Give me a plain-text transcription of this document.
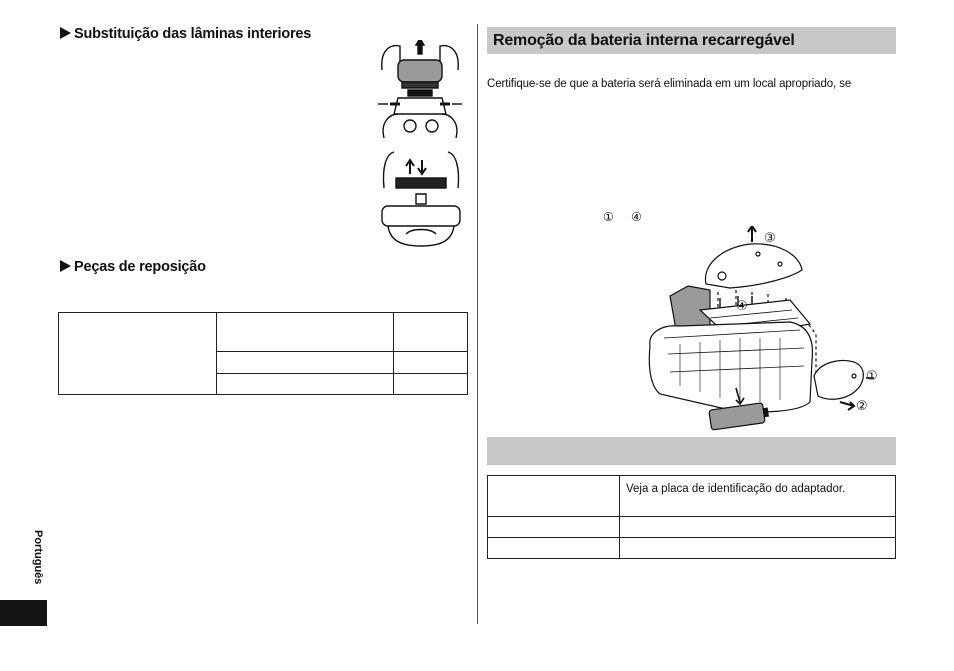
Substituição das lâminas interiores
Peças de reposição

Português
Remoção da bateria interna recarregável
Certifique-se de que a bateria será eliminada em um local apropriado, se
① ④
③
④
①
②
	Veja a placa de identificação do adaptador.
